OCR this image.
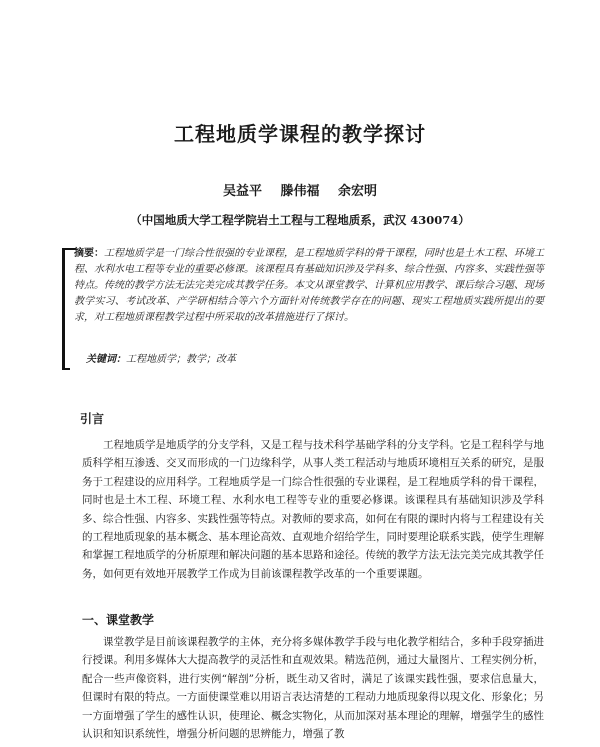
工程地质学课程的教学探讨
吴益平 滕伟福 余宏明
（中国地质大学工程学院岩土工程与工程地质系，武汉 430074）
摘要：工程地质学是一门综合性很强的专业课程，是工程地质学科的骨干课程，同时也是土木工程、环境工程、水利水电工程等专业的重要必修课。该课程具有基础知识涉及学科多、综合性强、内容多、实践性强等特点。传统的教学方法无法完美完成其教学任务。本文从课堂教学、计算机应用教学、课后综合习题、现场教学实习、考试改革、产学研相结合等六个方面针对传统教学存在的问题、现实工程地质实践所提出的要求，对工程地质课程教学过程中所采取的改革措施进行了探讨。
关键词：工程地质学；教学；改革
引言
工程地质学是地质学的分支学科，又是工程与技术科学基础学科的分支学科。它是工程科学与地质科学相互渗透、交叉而形成的一门边缘科学，从事人类工程活动与地质环境相互关系的研究，是服务于工程建设的应用科学。工程地质学是一门综合性很强的专业课程，是工程地质学科的骨干课程，同时也是土木工程、环境工程、水利水电工程等专业的重要必修课。该课程具有基础知识涉及学科多、综合性强、内容多、实践性强等特点。对教师的要求高，如何在有限的课时内将与工程建设有关的工程地质现象的基本概念、基本理论高效、直观地介绍给学生，同时要理论联系实践，使学生理解和掌握工程地质学的分析原理和解决问题的基本思路和途径。传统的教学方法无法完美完成其教学任务，如何更有效地开展教学工作成为目前该课程教学改革的一个重要课题。
一、课堂教学
课堂教学是目前该课程教学的主体，充分将多媒体教学手段与电化教学相结合，多种手段穿插进行授课。利用多媒体大大提高教学的灵活性和直观效果。精选范例，通过大量图片、工程实例分析，配合一些声像资料，进行实例“解剖”分析，既生动又省时，满足了该课实践性强，要求信息量大，但课时有限的特点。一方面使课堂难以用语言表达清楚的工程动力地质现象得以現文化、形象化；另一方面增强了学生的感性认识，使理论、概念实物化，从而加深对基本理论的理解，增强学生的感性认识和知识系统性，增强分析问题的思辨能力，增强了教
